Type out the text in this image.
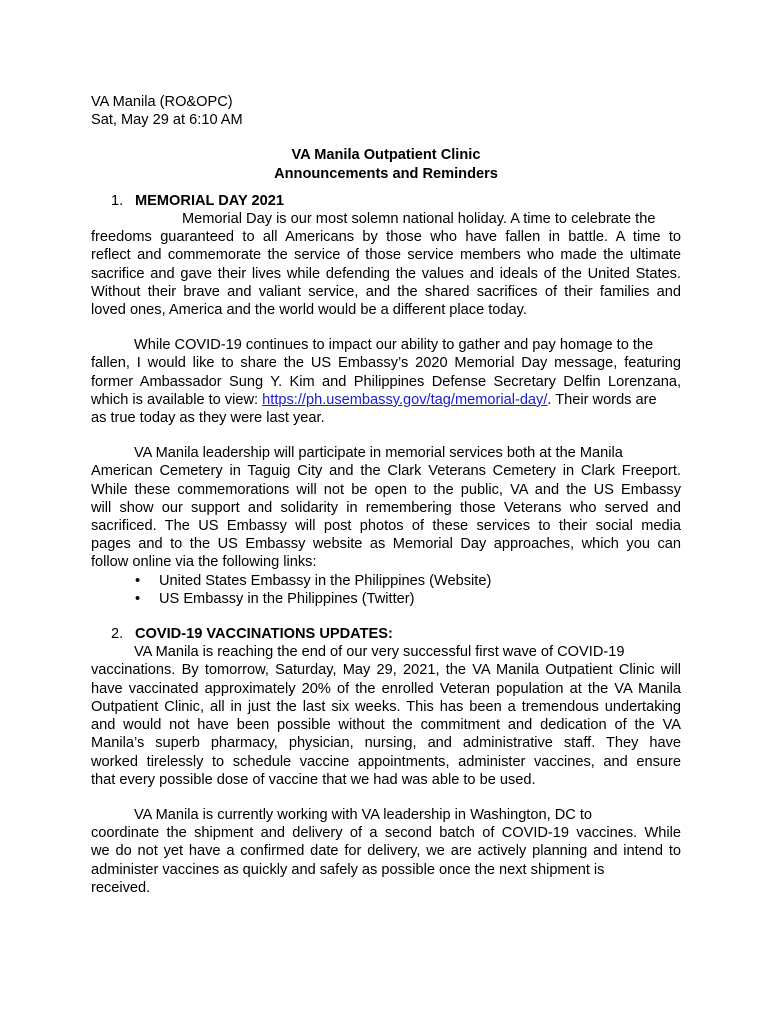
VA Manila (RO&OPC)
Sat, May 29 at 6:10 AM
VA Manila Outpatient Clinic
Announcements and Reminders
1. MEMORIAL DAY 2021
Memorial Day is our most solemn national holiday. A time to celebrate the
freedoms guaranteed to all Americans by those who have fallen in battle. A time to
reflect and commemorate the service of those service members who made the ultimate
sacrifice and gave their lives while defending the values and ideals of the United States.
Without their brave and valiant service, and the shared sacrifices of their families and
loved ones, America and the world would be a different place today.
While COVID-19 continues to impact our ability to gather and pay homage to the
fallen, I would like to share the US Embassy’s 2020 Memorial Day message, featuring
former Ambassador Sung Y. Kim and Philippines Defense Secretary Delfin Lorenzana,
which is available to view: https://ph.usembassy.gov/tag/memorial-day/. Their words are
as true today as they were last year.
VA Manila leadership will participate in memorial services both at the Manila
American Cemetery in Taguig City and the Clark Veterans Cemetery in Clark Freeport.
While these commemorations will not be open to the public, VA and the US Embassy
will show our support and solidarity in remembering those Veterans who served and
sacrificed. The US Embassy will post photos of these services to their social media
pages and to the US Embassy website as Memorial Day approaches, which you can
follow online via the following links:
• United States Embassy in the Philippines (Website)
• US Embassy in the Philippines (Twitter)
2. COVID-19 VACCINATIONS UPDATES:
VA Manila is reaching the end of our very successful first wave of COVID-19
vaccinations. By tomorrow, Saturday, May 29, 2021, the VA Manila Outpatient Clinic will
have vaccinated approximately 20% of the enrolled Veteran population at the VA Manila
Outpatient Clinic, all in just the last six weeks. This has been a tremendous undertaking
and would not have been possible without the commitment and dedication of the VA
Manila’s superb pharmacy, physician, nursing, and administrative staff. They have
worked tirelessly to schedule vaccine appointments, administer vaccines, and ensure
that every possible dose of vaccine that we had was able to be used.
VA Manila is currently working with VA leadership in Washington, DC to
coordinate the shipment and delivery of a second batch of COVID-19 vaccines. While
we do not yet have a confirmed date for delivery, we are actively planning and intend to
administer vaccines as quickly and safely as possible once the next shipment is
received.
